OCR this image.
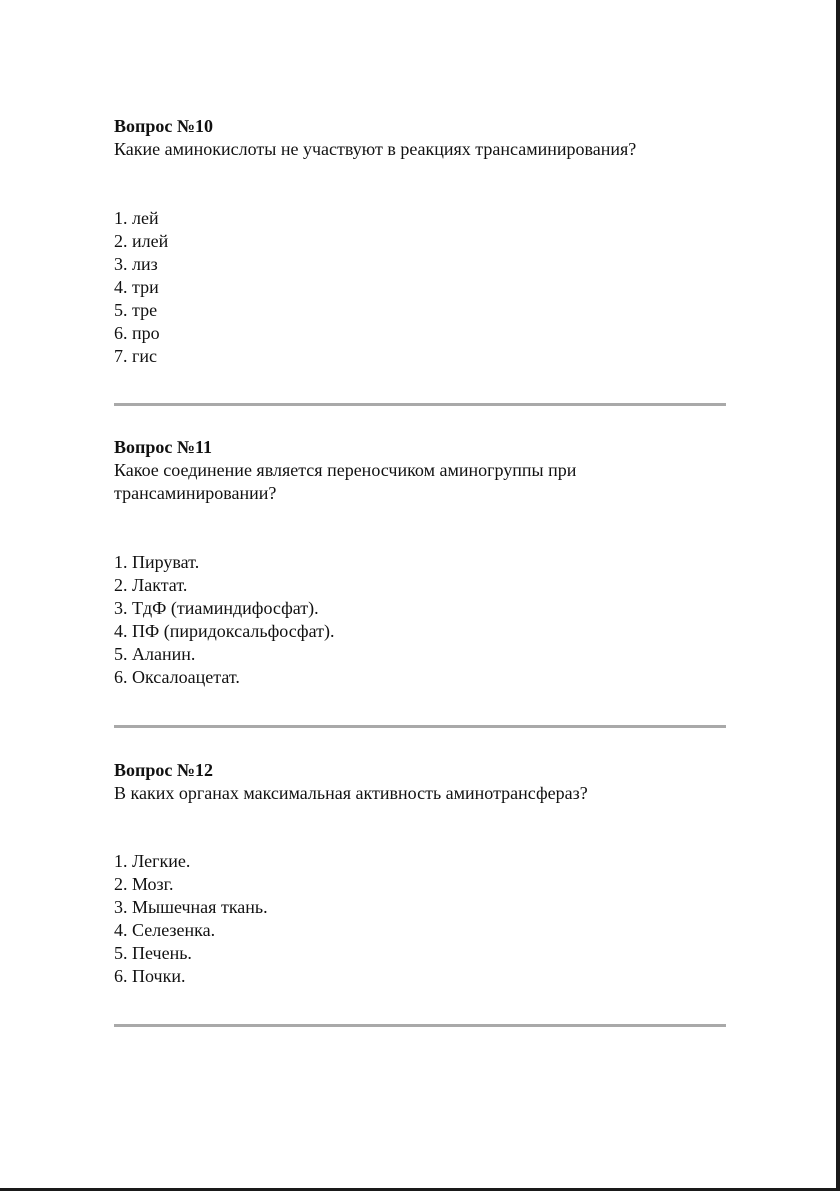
Вопрос №10
Какие аминокислоты не участвуют в реакциях трансаминирования?
1. лей
2. илей
3. лиз
4. три
5. тре
6. про
7. гис
Вопрос №11
Какое соединение является переносчиком аминогруппы при
трансаминировании?
1. Пируват.
2. Лактат.
3. ТдФ (тиаминдифосфат).
4. ПФ (пиридоксальфосфат).
5. Аланин.
6. Оксалоацетат.
Вопрос №12
В каких органах максимальная активность аминотрансфераз?
1. Легкие.
2. Мозг.
3. Мышечная ткань.
4. Селезенка.
5. Печень.
6. Почки.
